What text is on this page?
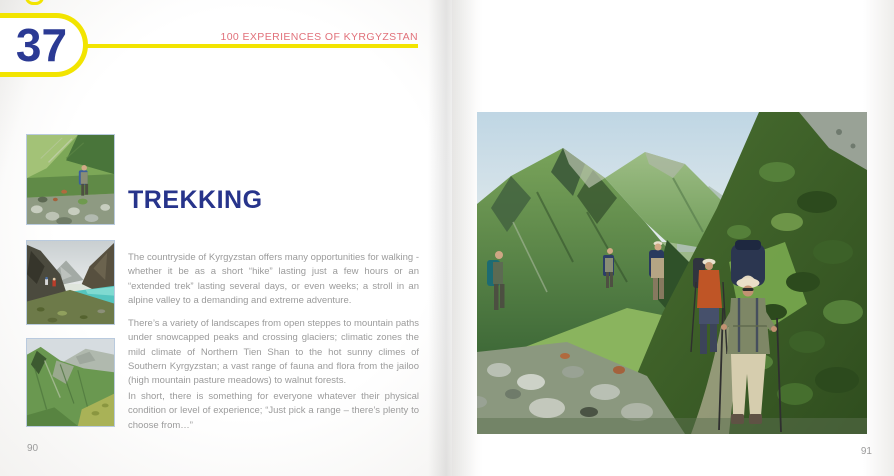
37	100 EXPERIENCES OF KYRGYZSTAN
TREKKING

The countryside of Kyrgyzstan offers many opportunities for walking - whether it be as a short “hike” lasting just a few hours or an “extended trek” lasting several days, or even weeks; a stroll in an alpine valley to a demanding and extreme adventure.

There’s a variety of landscapes from open steppes to mountain paths under snowcapped peaks and crossing glaciers; climatic zones the mild climate of Northern Tien Shan to the hot sunny climes of Southern Kyrgyzstan; a vast range of fauna and flora from the jailoo (high mountain pasture meadows) to walnut forests.

In short, there is something for everyone whatever their physical condition or level of experience; “Just pick a range – there’s plenty to choose from…”

90	91
